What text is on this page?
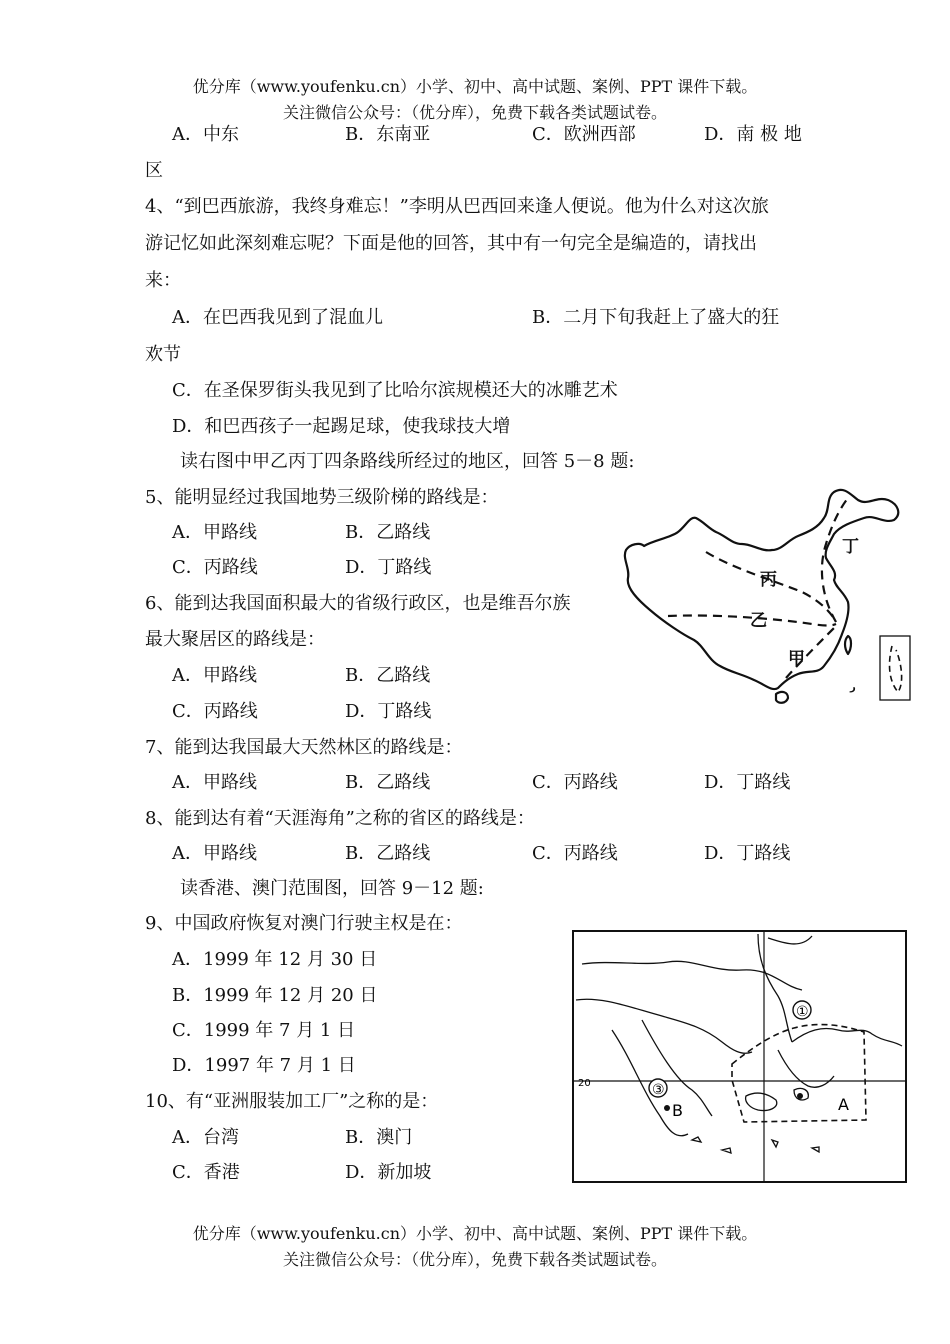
优分库（www.youfenku.cn）小学、初中、高中试题、案例、PPT 课件下载。
关注微信公众号：（优分库），免费下载各类试题试卷。
A．中东	B．东南亚	C．欧洲西部	D．南 极 地
区
4、“到巴西旅游，我终身难忘！”李明从巴西回来逢人便说。他为什么对这次旅
游记忆如此深刻难忘呢？下面是他的回答，其中有一句完全是编造的，请找出
来：
A．在巴西我见到了混血儿	B．二月下旬我赶上了盛大的狂
欢节
C．在圣保罗街头我见到了比哈尔滨规模还大的冰雕艺术
D．和巴西孩子一起踢足球，使我球技大增
读右图中甲乙丙丁四条路线所经过的地区，回答 5－8 题:
5、能明显经过我国地势三级阶梯的路线是：
A．甲路线	B．乙路线
C．丙路线	D．丁路线
6、能到达我国面积最大的省级行政区，也是维吾尔族
最大聚居区的路线是：
A．甲路线	B．乙路线
C．丙路线	D．丁路线
7、能到达我国最大天然林区的路线是：
A．甲路线	B．乙路线	C．丙路线	D．丁路线
8、能到达有着“天涯海角”之称的省区的路线是：
A．甲路线	B．乙路线	C．丙路线	D．丁路线
读香港、澳门范围图，回答 9－12 题:
9、中国政府恢复对澳门行驶主权是在：
A．1999 年 12 月 30 日
B．1999 年 12 月 20 日
C．1999 年 7 月 1 日
D．1997 年 7 月 1 日
10、有“亚洲服装加工厂”之称的是：
A．台湾	B．澳门
C．香港	D．新加坡
ر
丙
乙
甲
丁
20
①
③
B	A
优分库（www.youfenku.cn）小学、初中、高中试题、案例、PPT 课件下载。
关注微信公众号：（优分库），免费下载各类试题试卷。
